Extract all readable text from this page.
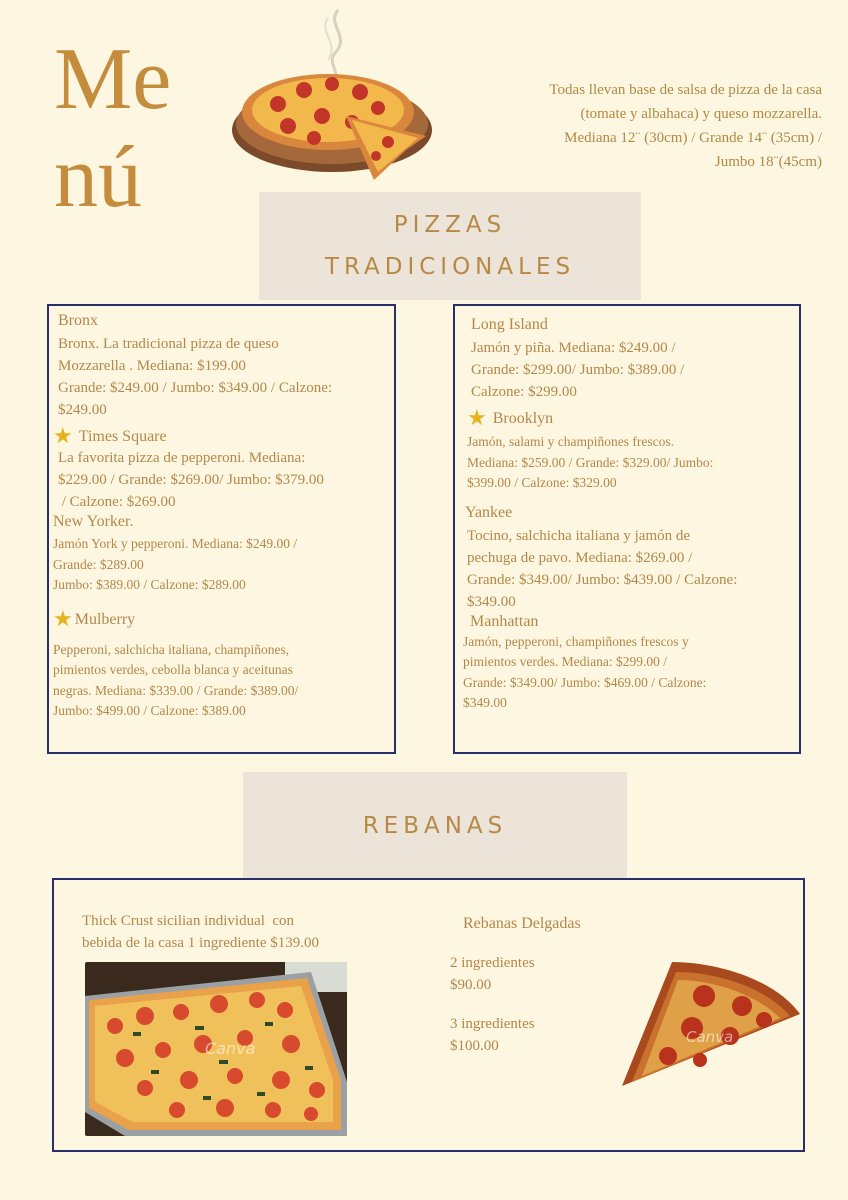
Me
nú
Todas llevan base de salsa de pizza de la casa
(tomate y albahaca) y queso mozzarella.
Mediana 12¨ (30cm) / Grande 14¨ (35cm) /
Jumbo 18¨(45cm)
PIZZAS
TRADICIONALES
Bronx
Bronx. La tradicional pizza de queso
Mozzarella . Mediana: $199.00
Grande: $249.00 / Jumbo: $349.00 / Calzone:
$249.00
★ Times Square
La favorita pizza de pepperoni. Mediana:
$229.00 / Grande: $269.00/ Jumbo: $379.00
/ Calzone: $269.00
New Yorker.
Jamón York y pepperoni. Mediana: $249.00 /
Grande: $289.00
Jumbo: $389.00 / Calzone: $289.00
★ Mulberry
Pepperoni, salchicha italiana, champiñones,
pimientos verdes, cebolla blanca y aceitunas
negras. Mediana: $339.00 / Grande: $389.00/
Jumbo: $499.00 / Calzone: $389.00
Long Island
Jamón y piña. Mediana: $249.00 /
Grande: $299.00/ Jumbo: $389.00 /
Calzone: $299.00
★ Brooklyn
Jamón, salami y champiñones frescos.
Mediana: $259.00 / Grande: $329.00/ Jumbo:
$399.00 / Calzone: $329.00
Yankee
Tocino, salchicha italiana y jamón de
pechuga de pavo. Mediana: $269.00 /
Grande: $349.00/ Jumbo: $439.00 / Calzone:
$349.00
Manhattan
Jamón, pepperoni, champiñones frescos y
pimientos verdes. Mediana: $299.00 /
Grande: $349.00/ Jumbo: $469.00 / Calzone:
$349.00
REBANAS
Thick Crust sicilian individual  con
bebida de la casa 1 ingrediente $139.00
Canva
Rebanas Delgadas
2 ingredientes
$90.00
3 ingredientes
$100.00	Canva
